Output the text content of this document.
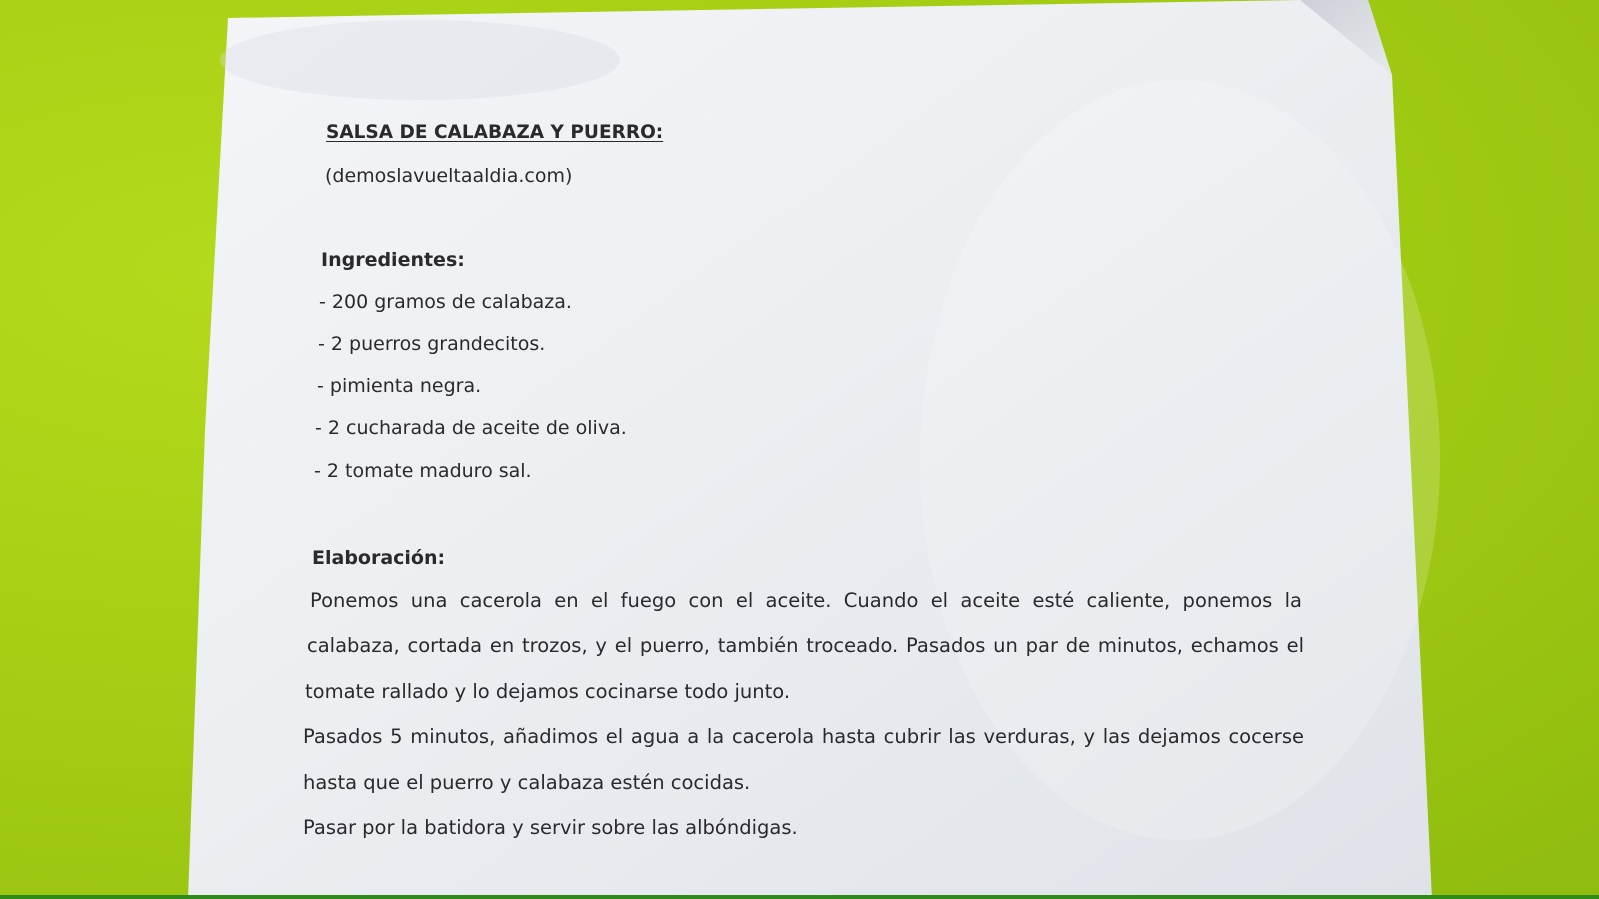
SALSA DE CALABAZA Y PUERRO:
(demoslavueltaaldia.com)
Ingredientes:
- 200 gramos de calabaza.
- 2 puerros grandecitos.
- pimienta negra.
- 2 cucharada de aceite de oliva.
- 2 tomate maduro sal.
Elaboración:
Ponemos una cacerola en el fuego con el aceite. Cuando el aceite esté caliente, ponemos la
calabaza, cortada en trozos, y el puerro, también troceado. Pasados un par de minutos, echamos el
tomate rallado y lo dejamos cocinarse todo junto.
Pasados 5 minutos, añadimos el agua a la cacerola hasta cubrir las verduras, y las dejamos cocerse
hasta que el puerro y calabaza estén cocidas.
Pasar por la batidora y servir sobre las albóndigas.
